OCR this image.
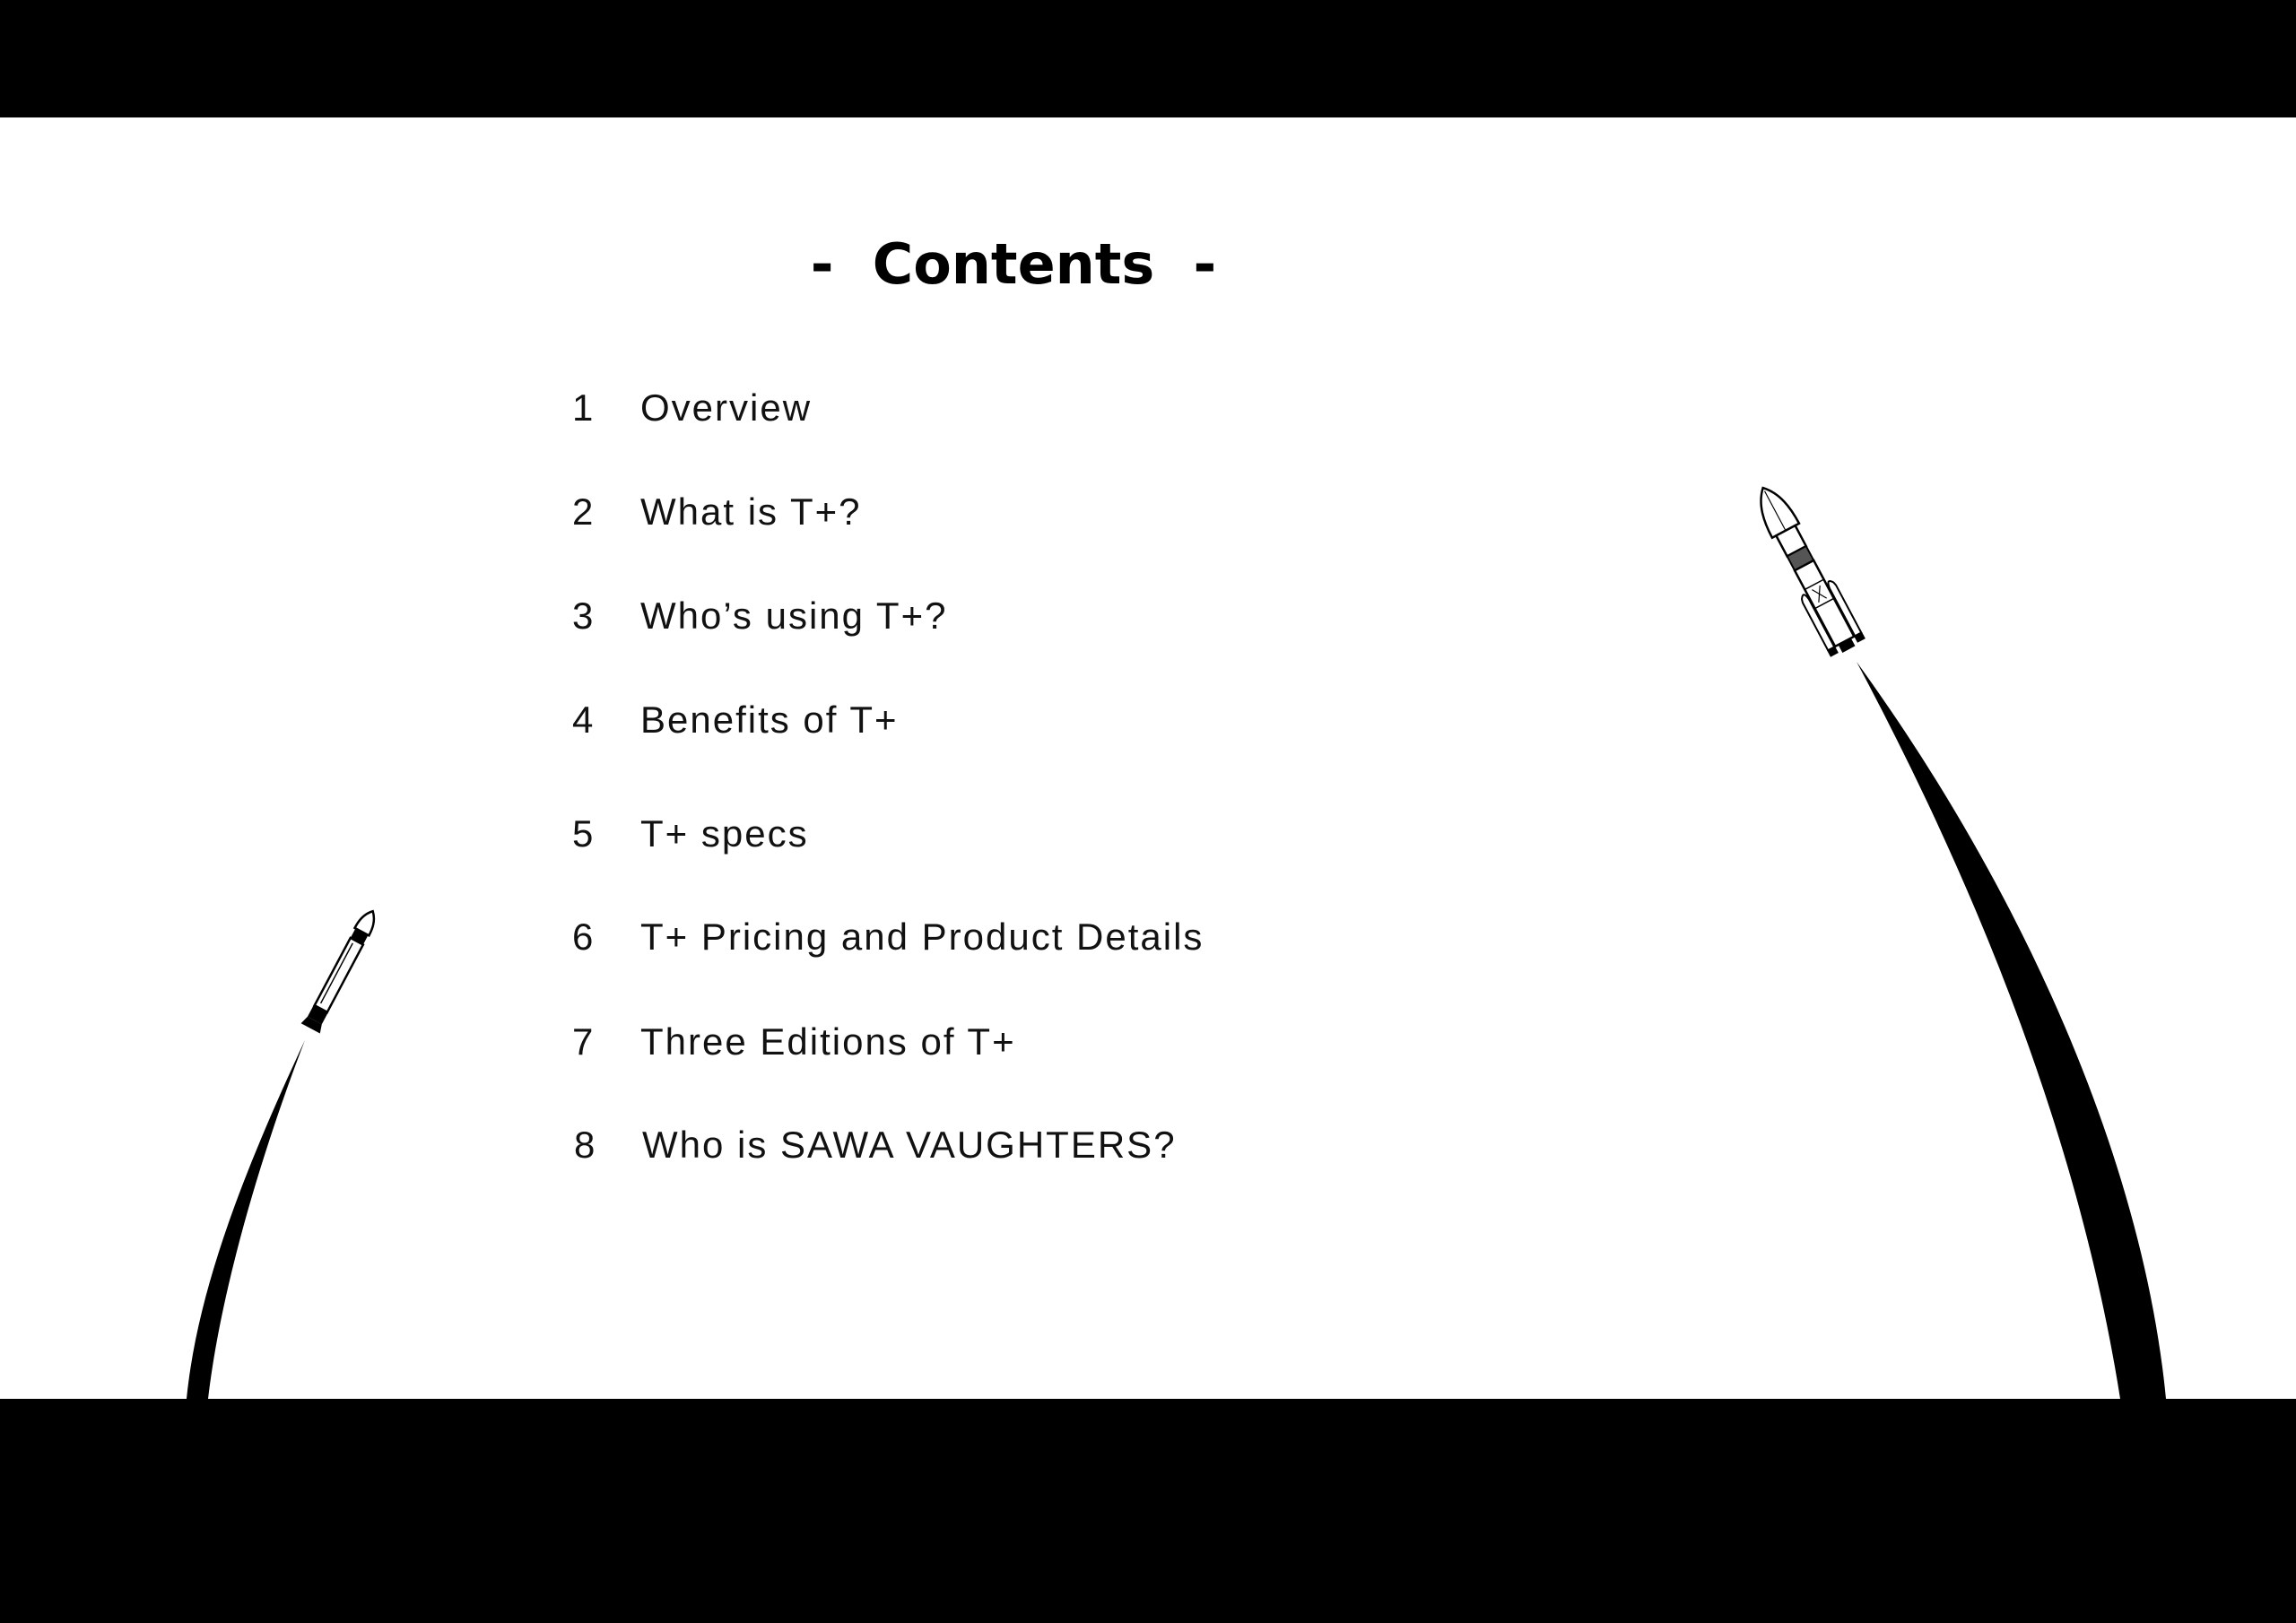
-  Contents  -
1	Overview
2	What is T+?
3	Who’s using T+?
4	Benefits of T+
5	T+ specs
6	T+ Pricing and Product Details
7	Three Editions of T+
8	Who is SAWA VAUGHTERS?
